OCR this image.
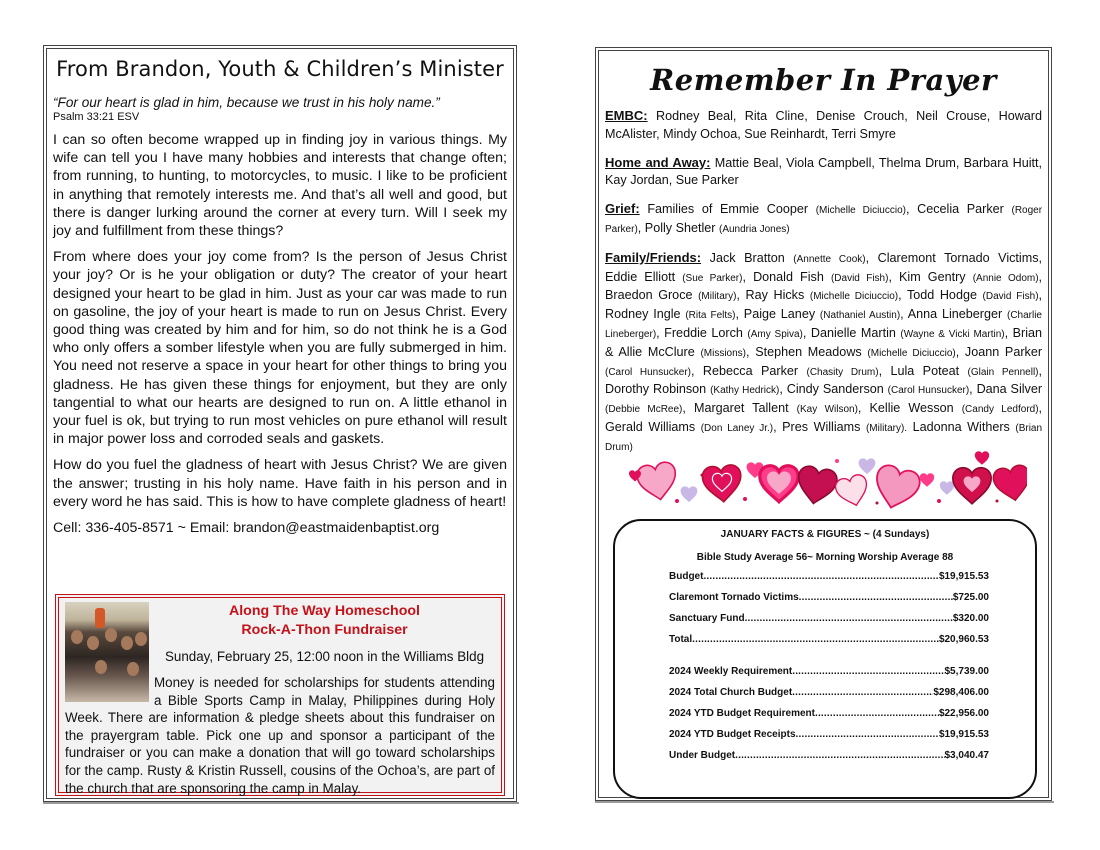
From Brandon, Youth & Children’s Minister
“For our heart is glad in him, because we trust in his holy name.”
Psalm 33:21 ESV
I can so often become wrapped up in finding joy in various things. My wife can tell you I have many hobbies and interests that change often; from running, to hunting, to motorcycles, to music. I like to be proficient in anything that remotely interests me. And that’s all well and good, but there is danger lurking around the corner at every turn. Will I seek my joy and fulfillment from these things?
From where does your joy come from? Is the person of Jesus Christ your joy? Or is he your obligation or duty? The creator of your heart designed your heart to be glad in him. Just as your car was made to run on gasoline, the joy of your heart is made to run on Jesus Christ. Every good thing was created by him and for him, so do not think he is a God who only offers a somber lifestyle when you are fully submerged in him. You need not reserve a space in your heart for other things to bring you gladness. He has given these things for enjoyment, but they are only tangential to what our hearts are designed to run on. A little ethanol in your fuel is ok, but trying to run most vehicles on pure ethanol will result in major power loss and corroded seals and gaskets.
How do you fuel the gladness of heart with Jesus Christ? We are given the answer; trusting in his holy name. Have faith in his person and in every word he has said. This is how to have complete gladness of heart!
Cell: 336-405-8571 ~ Email: brandon@eastmaidenbaptist.org
Along The Way Homeschool
Rock-A-Thon Fundraiser
Sunday, February 25, 12:00 noon in the Williams Bldg
Money is needed for scholarships for students attending a Bible Sports Camp in Malay, Philippines during Holy Week. There are information & pledge sheets about this fundraiser on the prayergram table. Pick one up and sponsor a participant of the fundraiser or you can make a donation that will go toward scholarships for the camp. Rusty & Kristin Russell, cousins of the Ochoa’s, are part of the church that are sponsoring the camp in Malay.
Remember In Prayer
EMBC: Rodney Beal, Rita Cline, Denise Crouch, Neil Crouse, Howard McAlister, Mindy Ochoa, Sue Reinhardt, Terri Smyre
Home and Away: Mattie Beal, Viola Campbell, Thelma Drum, Barbara Huitt, Kay Jordan, Sue Parker
Grief: Families of Emmie Cooper (Michelle Diciuccio), Cecelia Parker (Roger Parker), Polly Shetler (Aundria Jones)
Family/Friends: Jack Bratton (Annette Cook), Claremont Tornado Victims, Eddie Elliott (Sue Parker), Donald Fish (David Fish), Kim Gentry (Annie Odom), Braedon Groce (Military), Ray Hicks (Michelle Diciuccio), Todd Hodge (David Fish), Rodney Ingle (Rita Felts), Paige Laney (Nathaniel Austin), Anna Lineberger (Charlie Lineberger), Freddie Lorch (Amy Spiva), Danielle Martin (Wayne & Vicki Martin), Brian & Allie McClure (Missions), Stephen Meadows (Michelle Diciuccio), Joann Parker (Carol Hunsucker), Rebecca Parker (Chasity Drum), Lula Poteat (Glain Pennell), Dorothy Robinson (Kathy Hedrick), Cindy Sanderson (Carol Hunsucker), Dana Silver (Debbie McRee), Margaret Tallent (Kay Wilson), Kellie Wesson (Candy Ledford), Gerald Williams (Don Laney Jr.), Pres Williams (Military). Ladonna Withers (Brian Drum)
JANUARY FACTS & FIGURES ~ (4 Sundays)
Bible Study Average 56~ Morning Worship Average 88
Budget .....	$19,915.53
Claremont Tornado Victims .....	$725.00
Sanctuary Fund .....	$320.00
Total .....	$20,960.53
2024 Weekly Requirement .....	$5,739.00
2024 Total Church Budget .....	$298,406.00
2024 YTD Budget Requirement .....	$22,956.00
2024 YTD Budget Receipts .....	$19,915.53
Under Budget .....	$3,040.47
